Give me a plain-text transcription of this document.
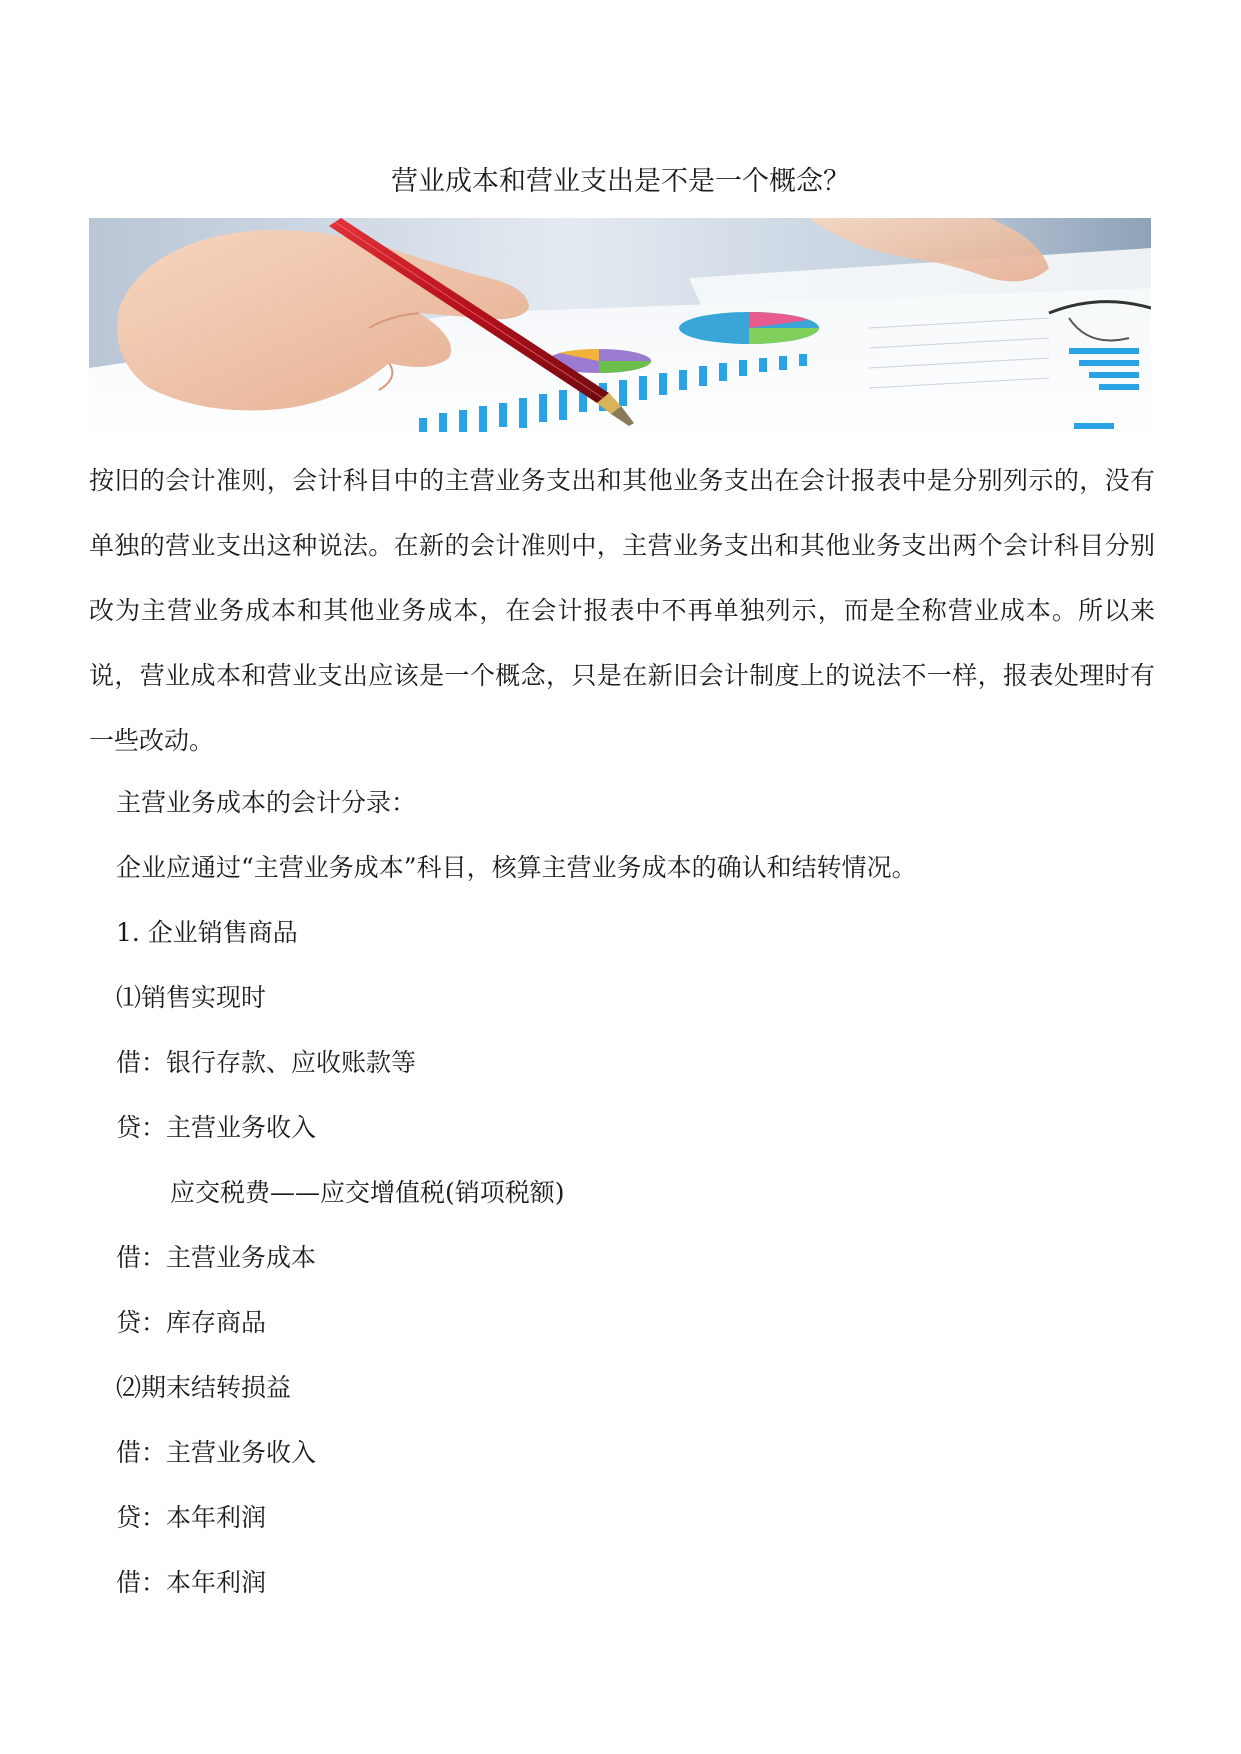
营业成本和营业支出是不是一个概念？

按旧的会计准则，会计科目中的主营业务支出和其他业务支出在会计报表中是分别列示的，没有单独的营业支出这种说法。在新的会计准则中，主营业务支出和其他业务支出两个会计科目分别改为主营业务成本和其他业务成本，在会计报表中不再单独列示，而是全称营业成本。所以来说，营业成本和营业支出应该是一个概念，只是在新旧会计制度上的说法不一样，报表处理时有一些改动。

主营业务成本的会计分录：
企业应通过“主营业务成本”科目，核算主营业务成本的确认和结转情况。
1. 企业销售商品
⑴销售实现时
借：银行存款、应收账款等
贷：主营业务收入
应交税费——应交增值税(销项税额)
借：主营业务成本
贷：库存商品
⑵期末结转损益
借：主营业务收入
贷：本年利润
借：本年利润
